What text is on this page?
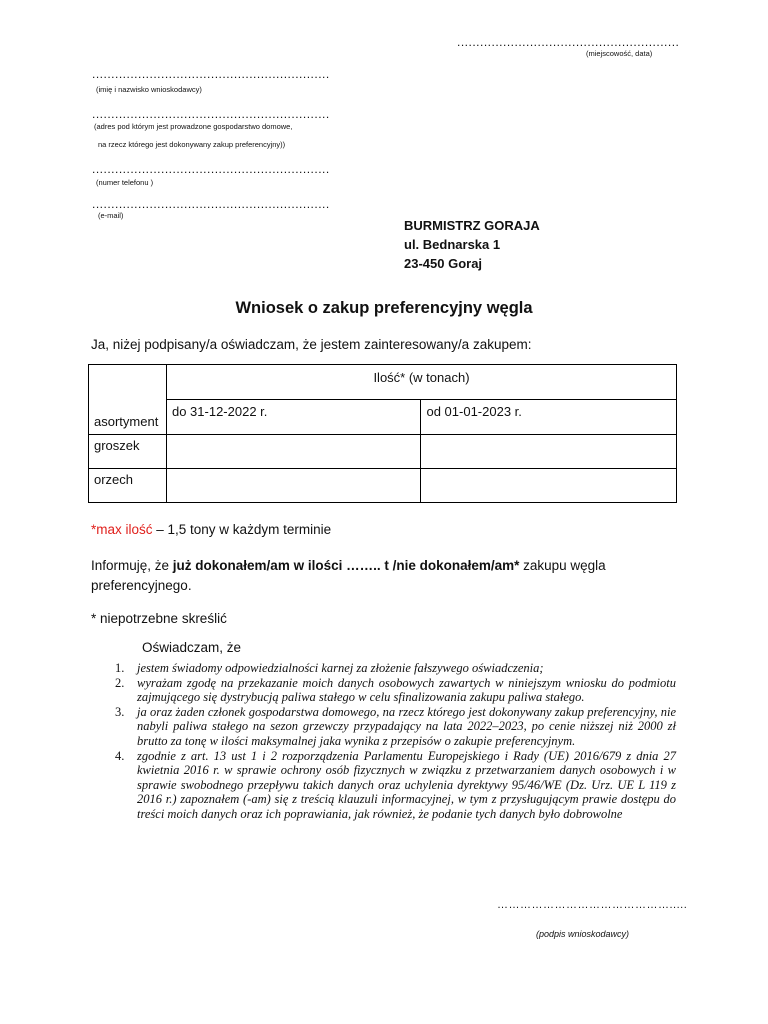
..........................................................
(miejscowość, data)
..............................................................
(imię i nazwisko wnioskodawcy)
..............................................................
(adres pod którym jest prowadzone gospodarstwo domowe,
na rzecz którego jest dokonywany zakup preferencyjny))
..............................................................
(numer telefonu )
..............................................................
(e-mail)
BURMISTRZ GORAJA
ul. Bednarska 1
23-450 Goraj
Wniosek o zakup preferencyjny węgla
Ja, niżej podpisany/a oświadczam, że jestem zainteresowany/a zakupem:
asortyment	Ilość* (w tonach)	
	do 31-12-2022 r.	od 01-01-2023 r.
groszek		
orzech		
*max ilość – 1,5 tony w każdym terminie
Informuję, że już dokonałem/am w ilości …….. t /nie dokonałem/am* zakupu węgla preferencyjnego.
* niepotrzebne skreślić
Oświadczam, że
1. jestem świadomy odpowiedzialności karnej za złożenie fałszywego oświadczenia;
2. wyrażam zgodę na przekazanie moich danych osobowych zawartych w niniejszym wniosku do podmiotu zajmującego się dystrybucją paliwa stałego w celu sfinalizowania zakupu paliwa stałego.
3. ja oraz żaden członek gospodarstwa domowego, na rzecz którego jest dokonywany zakup preferencyjny, nie nabyli paliwa stałego na sezon grzewczy przypadający na lata 2022–2023, po cenie niższej niż 2000 zł brutto za tonę w ilości maksymalnej jaka wynika z przepisów o zakupie preferencyjnym.
4. zgodnie z art. 13 ust 1 i 2 rozporządzenia Parlamentu Europejskiego i Rady (UE) 2016/679 z dnia 27 kwietnia 2016 r. w sprawie ochrony osób fizycznych w związku z przetwarzaniem danych osobowych i w sprawie swobodnego przepływu takich danych oraz uchylenia dyrektywy 95/46/WE (Dz. Urz. UE L 119 z 2016 r.) zapoznałem (-am) się z treścią klauzuli informacyjnej, w tym z przysługującym prawie dostępu do treści moich danych oraz ich poprawiania, jak również, że podanie tych danych było dobrowolne
……………………………………….....
(podpis wnioskodawcy)
